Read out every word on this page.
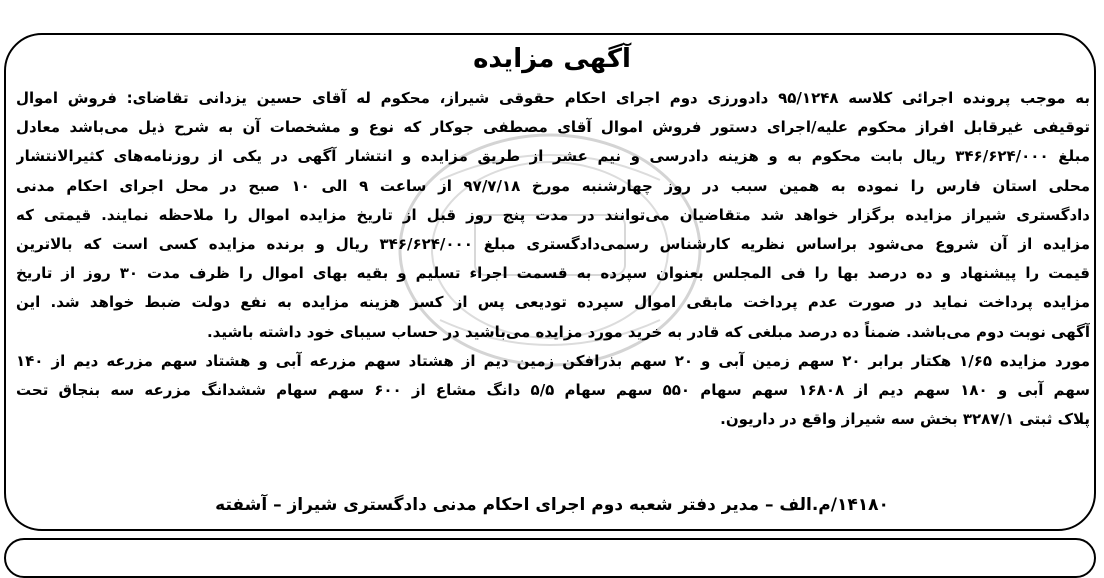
آگهی مزایده
به موجب پرونده اجرائی کلاسه ۹۵/۱۲۴۸ دادورزی دوم اجرای احکام حقوقی شیراز، محکوم له آقای حسین یزدانی تقاضای: فروش اموال
توقیفی غیرقابل افراز محکوم علیه/اجرای دستور فروش اموال آقای مصطفی جوکار که نوع و مشخصات آن به شرح ذیل می‌باشد معادل
مبلغ ۳۴۶/۶۲۴/۰۰۰ ریال بابت محکوم به و هزینه دادرسی و نیم عشر از طریق مزایده و انتشار آگهی در یکی از روزنامه‌های کثیرالانتشار
محلی استان فارس را نموده به همین سبب در روز چهارشنبه مورخ ۹۷/۷/۱۸ از ساعت ۹ الی ۱۰ صبح در محل اجرای احکام مدنی
دادگستری شیراز مزایده برگزار خواهد شد متقاضیان می‌توانند در مدت پنج روز قبل از تاریخ مزایده اموال را ملاحظه نمایند. قیمتی که
مزایده از آن شروع می‌شود براساس نظریه کارشناس رسمی‌دادگستری مبلغ ۳۴۶/۶۲۴/۰۰۰ ریال و برنده مزایده کسی است که بالاترین
قیمت را پیشنهاد و ده درصد بها را فی المجلس بعنوان سپرده به قسمت اجراء تسلیم و بقیه بهای اموال را ظرف مدت ۳۰ روز از تاریخ
مزایده پرداخت نماید در صورت عدم پرداخت مابقی اموال سپرده تودیعی پس از کسر هزینه مزایده به نفع دولت ضبط خواهد شد. این
آگهی نوبت دوم می‌باشد. ضمناً ده درصد مبلغی که قادر به خرید مورد مزایده می‌باشید در حساب سیبای خود داشته باشید.
مورد مزایده ۱/۶۵ هکتار برابر ۲۰ سهم زمین آبی و ۲۰ سهم بذرافکن زمین دیم از هشتاد سهم مزرعه آبی و هشتاد سهم مزرعه دیم از ۱۴۰
سهم آبی و ۱۸۰ سهم دیم از ۱۶۸۰۸ سهم سهام ۵۵۰ سهم سهام ۵/۵ دانگ مشاع از ۶۰۰ سهم سهام ششدانگ مزرعه سه بنجاق تحت
پلاک ثبتی ۳۲۸۷/۱ بخش سه شیراز واقع در داریون.

۱۴۱۸۰/م.الف – مدیر دفتر شعبه دوم اجرای احکام مدنی دادگستری شیراز – آشفته
